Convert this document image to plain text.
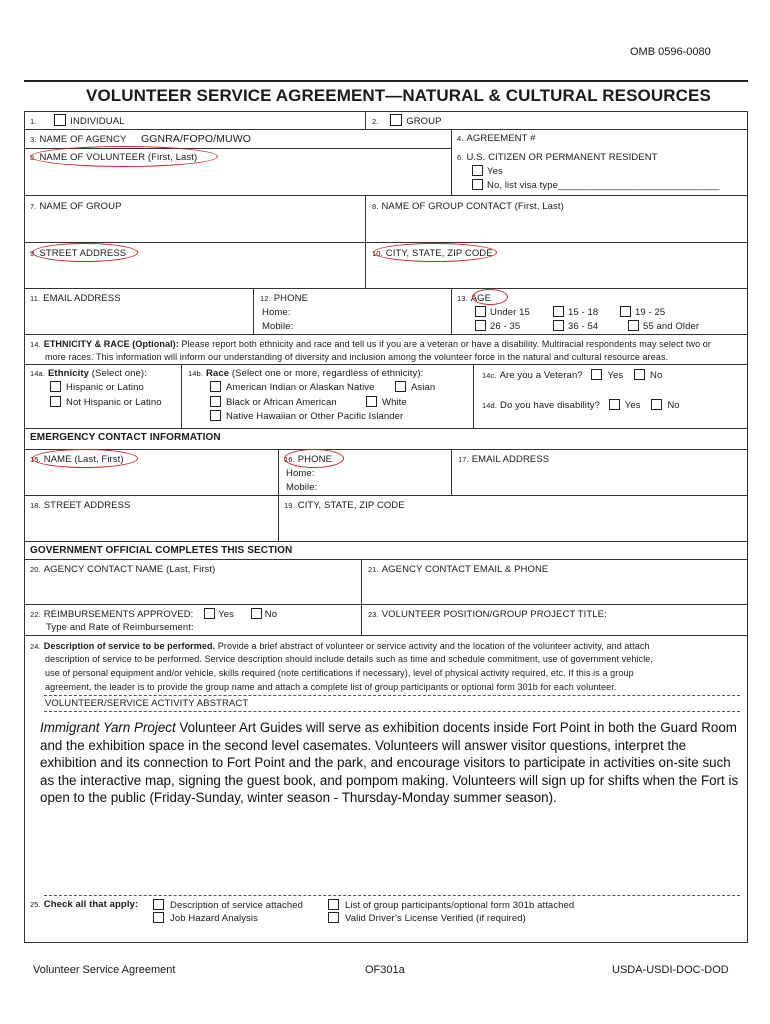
OMB 0596-0080
VOLUNTEER SERVICE AGREEMENT—NATURAL & CULTURAL RESOURCES
1.	INDIVIDUAL	2.	GROUP
3. NAME OF AGENCY GGNRA/FOPO/MUWO	4. AGREEMENT #
5. NAME OF VOLUNTEER (First, Last)	6. U.S. CITIZEN OR PERMANENT RESIDENT
Yes
No, list visa type______________________________
7. NAME OF GROUP	8. NAME OF GROUP CONTACT (First, Last)
9. STREET ADDRESS	10. CITY, STATE, ZIP CODE
11. EMAIL ADDRESS	12. PHONE
Home:
Mobile:
13. AGE
Under 15	15 - 18	19 - 25
26 - 35	36 - 54	55 and Older
14. ETHNICITY & RACE (Optional): Please report both ethnicity and race and tell us if you are a veteran or have a disability. Multiracial respondents may select two or
more races. This information will inform our understanding of diversity and inclusion among the volunteer force in the natural and cultural resource areas.
14a. Ethnicity (Select one):
Hispanic or Latino
Not Hispanic or Latino
14b. Race (Select one or more, regardless of ethnicity):
American Indian or Alaskan Native	Asian
Black or African American	White
Native Hawaiian or Other Pacific Islander
14c. Are you a Veteran?	Yes	No
14d. Do you have disability?	Yes	No
EMERGENCY CONTACT INFORMATION
15. NAME (Last, First)	16. PHONE
Home:
Mobile:
17. EMAIL ADDRESS
18. STREET ADDRESS	19. CITY, STATE, ZIP CODE
GOVERNMENT OFFICIAL COMPLETES THIS SECTION
20. AGENCY CONTACT NAME (Last, First)	21. AGENCY CONTACT EMAIL & PHONE
22. REIMBURSEMENTS APPROVED:	Yes	No
Type and Rate of Reimbursement:
23. VOLUNTEER POSITION/GROUP PROJECT TITLE:
24. Description of service to be performed. Provide a brief abstract of volunteer or service activity and the location of the volunteer activity, and attach
description of service to be performed. Service description should include details such as time and schedule commitment, use of government vehicle,
use of personal equipment and/or vehicle, skills required (note certifications if necessary), level of physical activity required, etc. If this is a group
agreement, the leader is to provide the group name and attach a complete list of group participants or optional form 301b for each volunteer.
VOLUNTEER/SERVICE ACTIVITY ABSTRACT
Immigrant Yarn Project Volunteer Art Guides will serve as exhibition docents inside Fort Point in both the Guard Room and the exhibition space in the second level casemates. Volunteers will answer visitor questions, interpret the exhibition and its connection to Fort Point and the park, and encourage visitors to participate in activities on-site such as the interactive map, signing the guest book, and pompom making. Volunteers will sign up for shifts when the Fort is open to the public (Friday-Sunday, winter season - Thursday-Monday summer season).
25. Check all that apply:	Description of service attached
Job Hazard Analysis
List of group participants/optional form 301b attached
Valid Driver’s License Verified (if required)
Volunteer Service Agreement	OF301a	USDA-USDI-DOC-DOD
